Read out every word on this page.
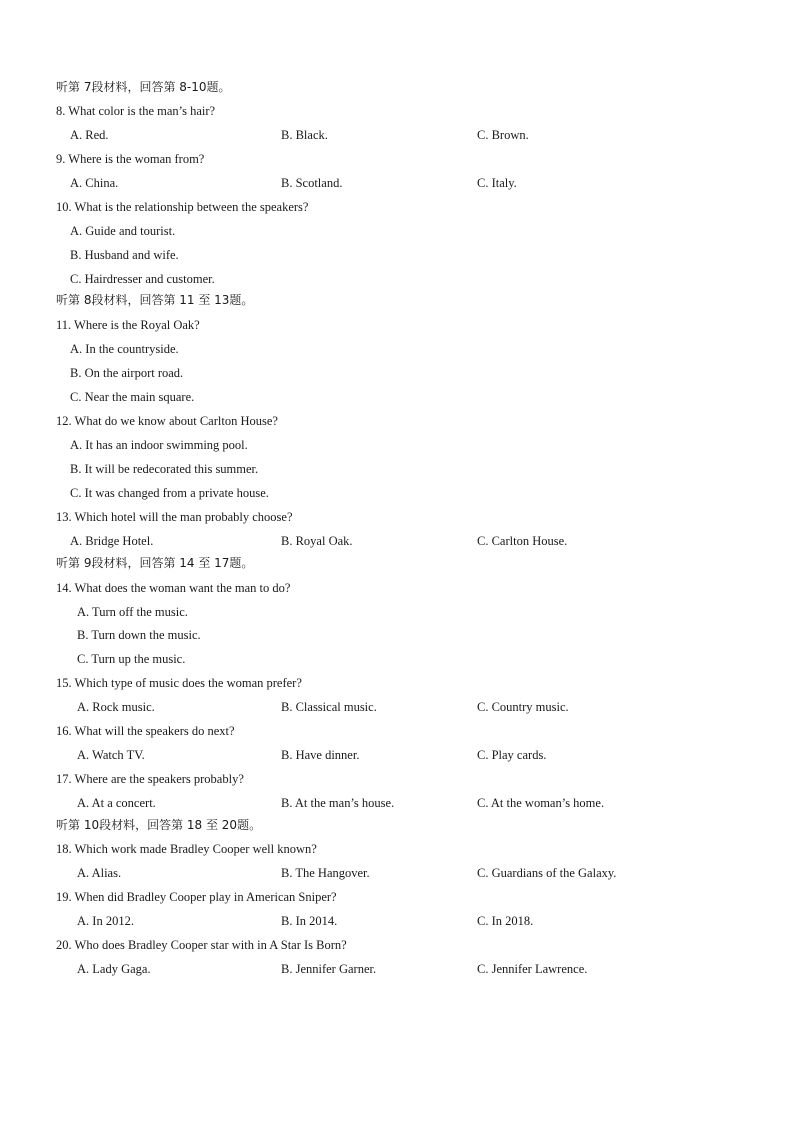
听第 7段材料，回答第 8-10题。
8. What color is the man’s hair?
A. Red.	B. Black.	C. Brown.
9. Where is the woman from?
A. China.	B. Scotland.	C. Italy.
10. What is the relationship between the speakers?
A. Guide and tourist.
B. Husband and wife.
C. Hairdresser and customer.
听第 8段材料，回答第 11 至 13题。
11. Where is the Royal Oak?
A. In the countryside.
B. On the airport road.
C. Near the main square.
12. What do we know about Carlton House?
A. It has an indoor swimming pool.
B. It will be redecorated this summer.
C. It was changed from a private house.
13. Which hotel will the man probably choose?
A. Bridge Hotel.	B. Royal Oak.	C. Carlton House.
听第 9段材料，回答第 14 至 17题。
14. What does the woman want the man to do?
A. Turn off the music.
B. Turn down the music.
C. Turn up the music.
15. Which type of music does the woman prefer?
A. Rock music.	B. Classical music.	C. Country music.
16. What will the speakers do next?
A. Watch TV.	B. Have dinner.	C. Play cards.
17. Where are the speakers probably?
A. At a concert.	B. At the man’s house.	C. At the woman’s home.
听第 10段材料，回答第 18 至 20题。
18. Which work made Bradley Cooper well known?
A. Alias.	B. The Hangover.	C. Guardians of the Galaxy.
19. When did Bradley Cooper play in American Sniper?
A. In 2012.	B. In 2014.	C. In 2018.
20. Who does Bradley Cooper star with in A Star Is Born?
A. Lady Gaga.	B. Jennifer Garner.	C. Jennifer Lawrence.
